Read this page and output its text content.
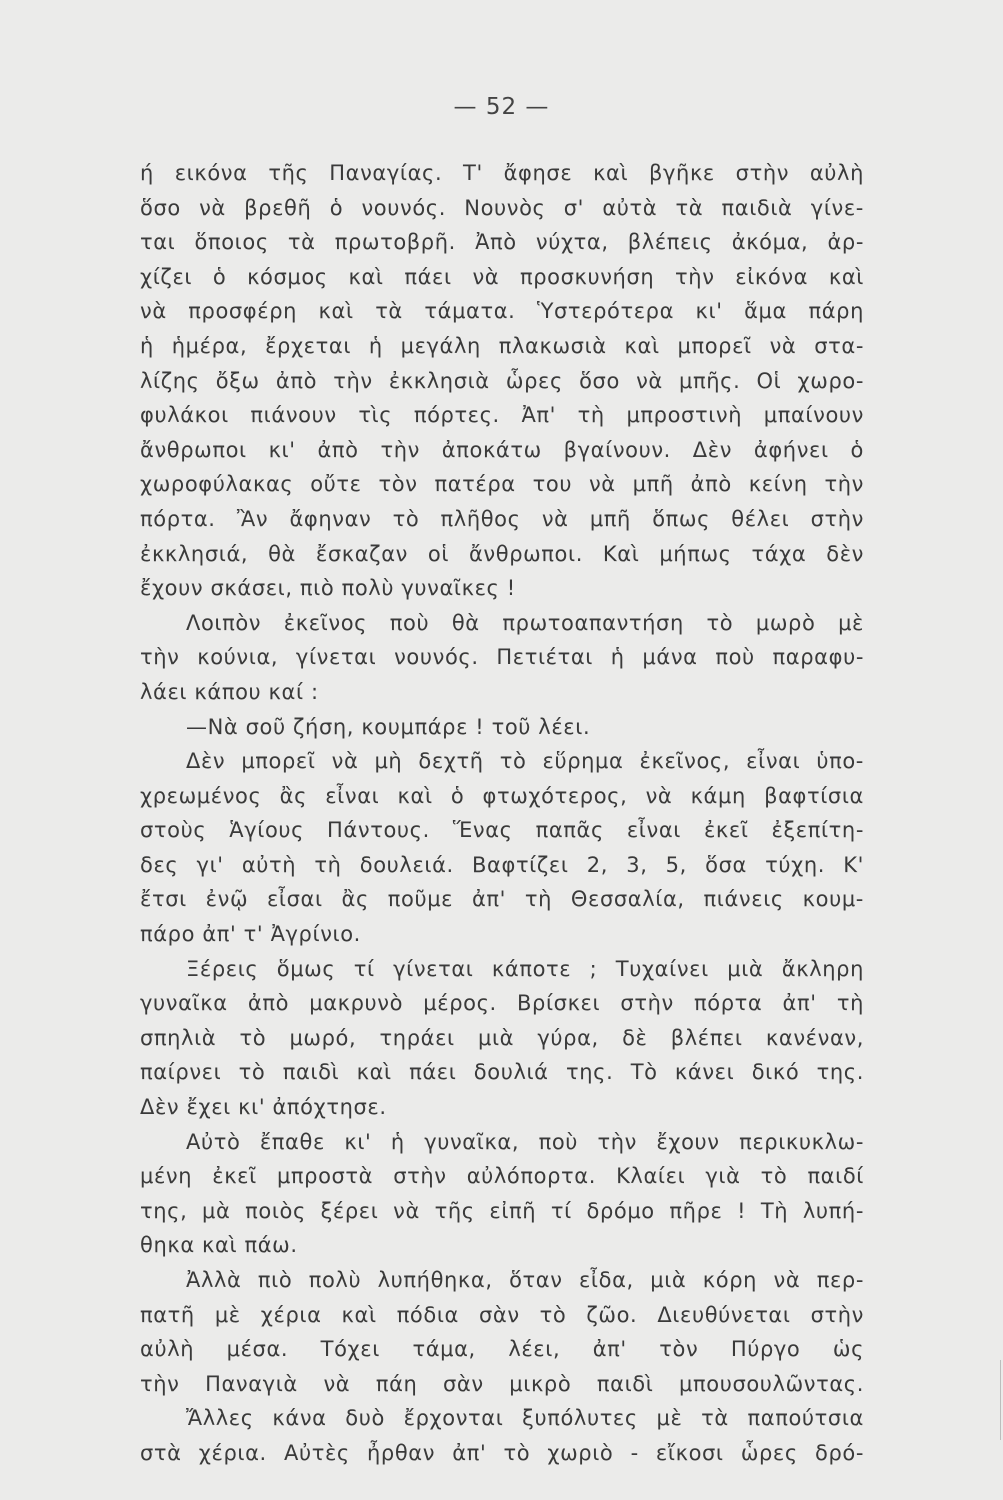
— 52 —
ή εικόνα τῆς Παναγίας. Τ' ἄφησε καὶ βγῆκε στὴν αὐλὴ
ὅσο νὰ βρεθῆ ὁ νουνός. Νουνὸς σ' αὐτὰ τὰ παιδιὰ γίνε-
ται ὅποιος τὰ πρωτοβρῆ. Ἀπὸ νύχτα, βλέπεις ἀκόμα, ἀρ-
χίζει ὁ κόσμος καὶ πάει νὰ προσκυνήση τὴν εἰκόνα καὶ
νὰ προσφέρη καὶ τὰ τάματα. Ὑστερότερα κι' ἅμα πάρη
ἡ ἡμέρα, ἔρχεται ἡ μεγάλη πλακωσιὰ καὶ μπορεῖ νὰ στα-
λίζης ὄξω ἀπὸ τὴν ἐκκλησιὰ ὧρες ὅσο νὰ μπῆς. Οἱ χωρο-
φυλάκοι πιάνουν τὶς πόρτες. Ἀπ' τὴ μπροστινὴ μπαίνουν
ἄνθρωποι κι' ἀπὸ τὴν ἀποκάτω βγαίνουν. Δὲν ἀφήνει ὁ
χωροφύλακας οὔτε τὸν πατέρα του νὰ μπῆ ἀπὸ κείνη τὴν
πόρτα. Ἂν ἄφηναν τὸ πλῆθος νὰ μπῆ ὅπως θέλει στὴν
ἐκκλησιά, θὰ ἔσκαζαν οἱ ἄνθρωποι. Καὶ μήπως τάχα δὲν
ἔχουν σκάσει, πιὸ πολὺ γυναῖκες !
Λοιπὸν ἐκεῖνος ποὺ θὰ πρωτοαπαντήση τὸ μωρὸ μὲ
τὴν κούνια, γίνεται νουνός. Πετιέται ἡ μάνα ποὺ παραφυ-
λάει κάπου καί :
—Νὰ σοῦ ζήση, κουμπάρε ! τοῦ λέει.
Δὲν μπορεῖ νὰ μὴ δεχτῆ τὸ εὕρημα ἐκεῖνος, εἶναι ὑπο-
χρεωμένος ἂς εἶναι καὶ ὁ φτωχότερος, νὰ κάμη βαφτίσια
στοὺς Ἁγίους Πάντους. Ἕνας παπᾶς εἶναι ἐκεῖ ἐξεπίτη-
δες γι' αὐτὴ τὴ δουλειά. Βαφτίζει 2, 3, 5, ὅσα τύχη. Κ'
ἔτσι ἐνῷ εἶσαι ἂς ποῦμε ἀπ' τὴ Θεσσαλία, πιάνεις κουμ-
πάρο ἀπ' τ' Ἀγρίνιο.
Ξέρεις ὅμως τί γίνεται κάποτε ; Τυχαίνει μιὰ ἄκληρη
γυναῖκα ἀπὸ μακρυνὸ μέρος. Βρίσκει στὴν πόρτα ἀπ' τὴ
σπηλιὰ τὸ μωρό, τηράει μιὰ γύρα, δὲ βλέπει κανέναν,
παίρνει τὸ παιδὶ καὶ πάει δουλιά της. Τὸ κάνει δικό της.
Δὲν ἔχει κι' ἀπόχτησε.
Αὐτὸ ἔπαθε κι' ἡ γυναῖκα, ποὺ τὴν ἔχουν περικυκλω-
μένη ἐκεῖ μπροστὰ στὴν αὐλόπορτα. Κλαίει γιὰ τὸ παιδί
της, μὰ ποιὸς ξέρει νὰ τῆς εἰπῆ τί δρόμο πῆρε ! Τὴ λυπή-
θηκα καὶ πάω.
Ἀλλὰ πιὸ πολὺ λυπήθηκα, ὅταν εἶδα, μιὰ κόρη νὰ περ-
πατῆ μὲ χέρια καὶ πόδια σὰν τὸ ζῶο. Διευθύνεται στὴν
αὐλὴ μέσα. Τόχει τάμα, λέει, ἀπ' τὸν Πύργο ὡς
τὴν Παναγιὰ νὰ πάη σὰν μικρὸ παιδὶ μπουσουλῶντας.
Ἄλλες κάνα δυὸ ἔρχονται ξυπόλυτες μὲ τὰ παπούτσια
στὰ χέρια. Αὐτὲς ἦρθαν ἀπ' τὸ χωριὸ - εἴκοσι ὧρες δρό-
